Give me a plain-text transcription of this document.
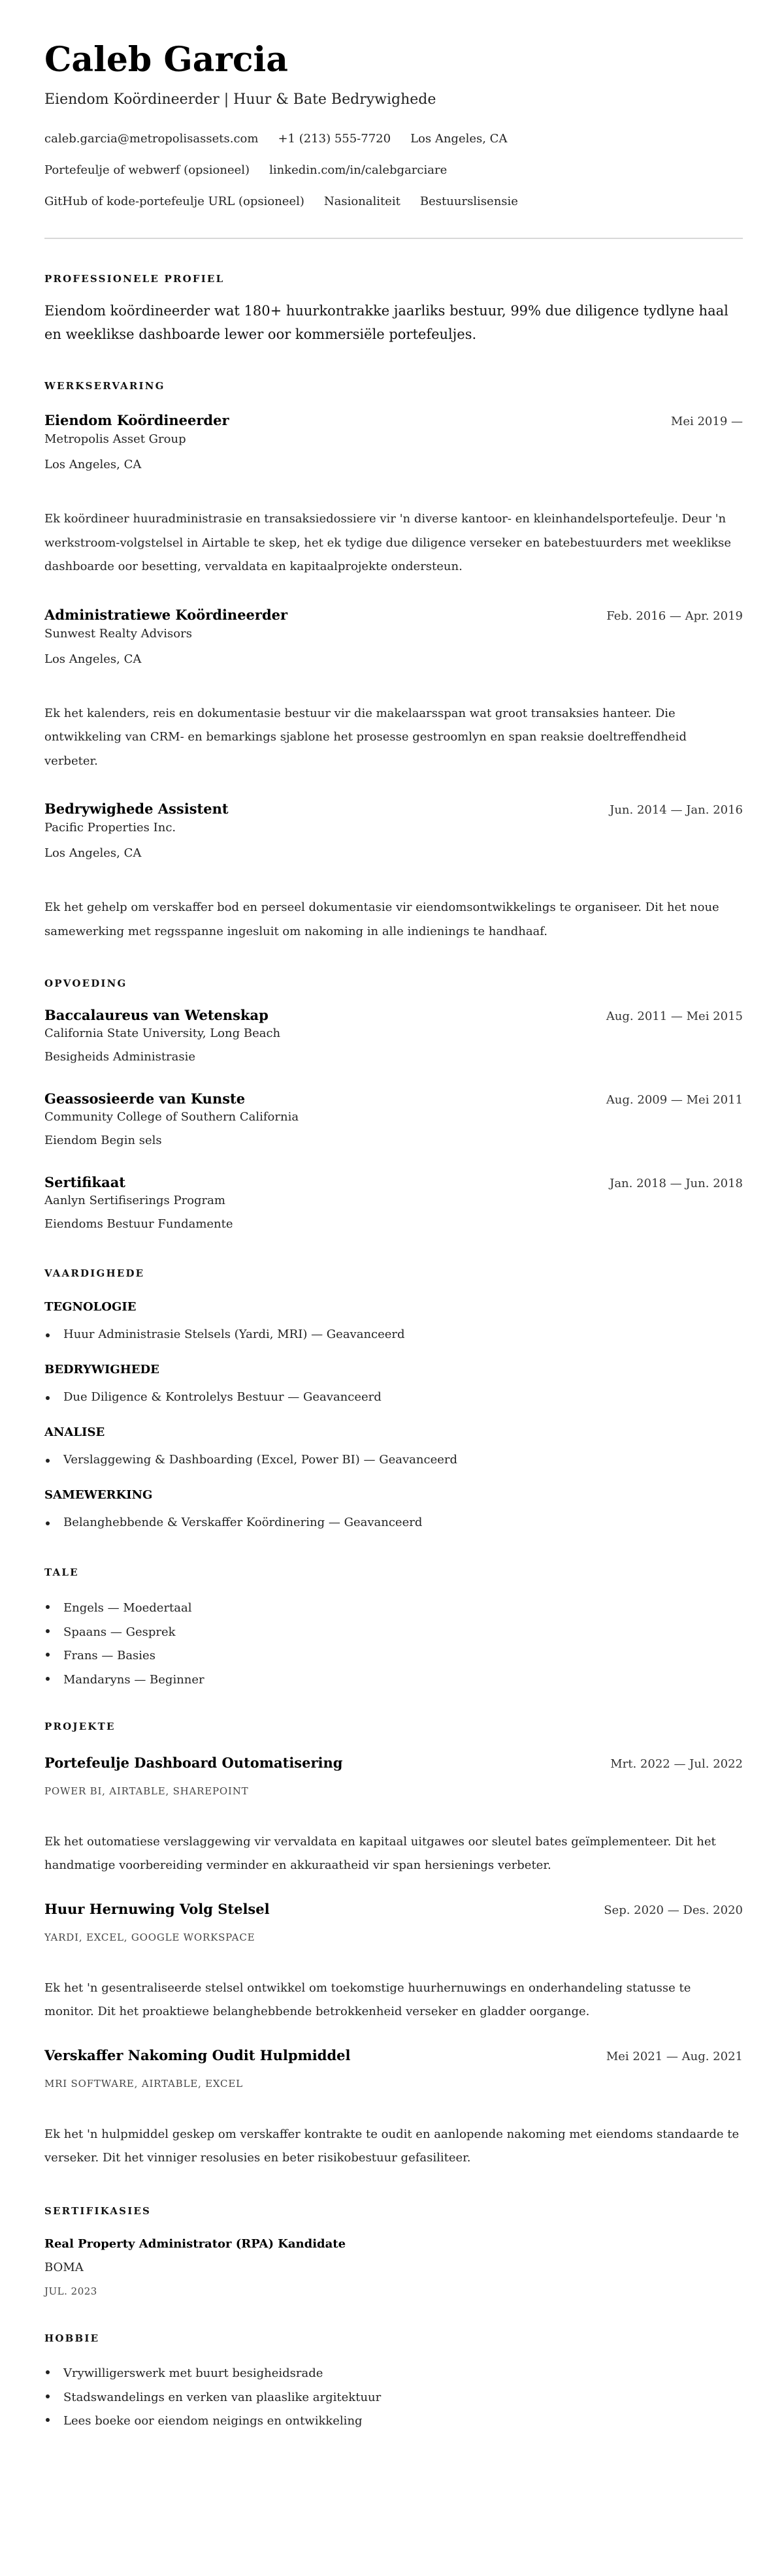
Caleb Garcia
Eiendom Koördineerder | Huur & Bate Bedrywighede
caleb.garcia@metropolisassets.com +1 (213) 555-7720 Los Angeles, CA
Portefeulje of webwerf (opsioneel) linkedin.com/in/calebgarciare
GitHub of kode-portefeulje URL (opsioneel) Nasionaliteit Bestuurslisensie
PROFESSIONELE PROFIEL

Eiendom koördineerder wat 180+ huurkontrakke jaarliks bestuur, 99% due diligence tydlyne haal en weeklikse dashboarde lewer oor kommersiële portefeuljes.

WERKSERVARING
Eiendom Koördineerder	Mei 2019 —
Metropolis Asset Group
Los Angeles, CA

Ek koördineer huuradministrasie en transaksiedossiere vir 'n diverse kantoor- en kleinhandelsportefeulje. Deur 'n werkstroom-volgstelsel in Airtable te skep, het ek tydige due diligence verseker en batebestuurders met weeklikse dashboarde oor besetting, vervaldata en kapitaalprojekte ondersteun.

Administratiewe Koördineerder	Feb. 2016 — Apr. 2019
Sunwest Realty Advisors
Los Angeles, CA

Ek het kalenders, reis en dokumentasie bestuur vir die makelaarsspan wat groot transaksies hanteer. Die ontwikkeling van CRM- en bemarkings sjablone het prosesse gestroomlyn en span reaksie doeltreffendheid verbeter.

Bedrywighede Assistent	Jun. 2014 — Jan. 2016
Pacific Properties Inc.
Los Angeles, CA

Ek het gehelp om verskaffer bod en perseel dokumentasie vir eiendomsontwikkelings te organiseer. Dit het noue samewerking met regsspanne ingesluit om nakoming in alle indienings te handhaaf.

OPVOEDING
Baccalaureus van Wetenskap	Aug. 2011 — Mei 2015
California State University, Long Beach
Besigheids Administrasie
Geassosieerde van Kunste	Aug. 2009 — Mei 2011
Community College of Southern California
Eiendom Begin sels
Sertifikaat	Jan. 2018 — Jun. 2018
Aanlyn Sertifiserings Program
Eiendoms Bestuur Fundamente
VAARDIGHEDE
TEGNOLOGIE
Huur Administrasie Stelsels (Yardi, MRI) — Geavanceerd
BEDRYWIGHEDE
Due Diligence & Kontrolelys Bestuur — Geavanceerd
ANALISE
Verslaggewing & Dashboarding (Excel, Power BI) — Geavanceerd
SAMEWERKING
Belanghebbende & Verskaffer Koördinering — Geavanceerd
TALE
Engels — Moedertaal
Spaans — Gesprek
Frans — Basies
Mandaryns — Beginner
PROJEKTE
Portefeulje Dashboard Outomatisering	Mrt. 2022 — Jul. 2022
POWER BI, AIRTABLE, SHAREPOINT

Ek het outomatiese verslaggewing vir vervaldata en kapitaal uitgawes oor sleutel bates geïmplementeer. Dit het handmatige voorbereiding verminder en akkuraatheid vir span hersienings verbeter.

Huur Hernuwing Volg Stelsel	Sep. 2020 — Des. 2020
YARDI, EXCEL, GOOGLE WORKSPACE

Ek het 'n gesentraliseerde stelsel ontwikkel om toekomstige huurhernuwings en onderhandeling statusse te monitor. Dit het proaktiewe belanghebbende betrokkenheid verseker en gladder oorgange.

Verskaffer Nakoming Oudit Hulpmiddel	Mei 2021 — Aug. 2021
MRI SOFTWARE, AIRTABLE, EXCEL

Ek het 'n hulpmiddel geskep om verskaffer kontrakte te oudit en aanlopende nakoming met eiendoms standaarde te verseker. Dit het vinniger resolusies en beter risikobestuur gefasiliteer.

SERTIFIKASIES
Real Property Administrator (RPA) Kandidate
BOMA
JUL. 2023
HOBBIE
Vrywilligerswerk met buurt besigheidsrade
Stadswandelings en verken van plaaslike argitektuur
Lees boeke oor eiendom neigings en ontwikkeling
